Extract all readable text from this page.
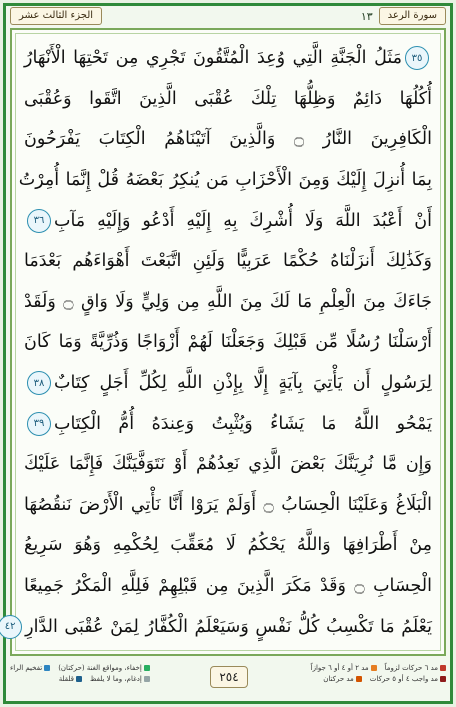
الجزء الثالث عشر	١٣	سورة الرعد
٣٥
مَثَلُ الْجَنَّةِ الَّتِي وُعِدَ الْمُتَّقُونَ تَجْرِي مِن تَحْتِهَا الْأَنْهَارُ
أُكُلُهَا دَائِمٌ وَظِلُّهَا تِلْكَ عُقْبَى الَّذِينَ اتَّقَوا وَعُقْبَى
الْكَافِرِينَ النَّارُ ۝ وَالَّذِينَ آتَيْنَاهُمُ الْكِتَابَ يَفْرَحُونَ
بِمَا أُنزِلَ إِلَيْكَ وَمِنَ الْأَحْزَابِ مَن يُنكِرُ بَعْضَهُ قُلْ إِنَّمَا أُمِرْتُ
أَنْ أَعْبُدَ اللَّهَ وَلَا أُشْرِكَ بِهِ إِلَيْهِ أَدْعُو وَإِلَيْهِ مَآبِ
٣٦
وَكَذَٰلِكَ أَنزَلْنَاهُ حُكْمًا عَرَبِيًّا وَلَئِنِ اتَّبَعْتَ أَهْوَاءَهُم بَعْدَمَا
جَاءَكَ مِنَ الْعِلْمِ مَا لَكَ مِنَ اللَّهِ مِن وَلِيٍّ وَلَا وَاقٍ ۝ وَلَقَدْ
أَرْسَلْنَا رُسُلًا مِّن قَبْلِكَ وَجَعَلْنَا لَهُمْ أَزْوَاجًا وَذُرِّيَّةً وَمَا كَانَ
لِرَسُولٍ أَن يَأْتِيَ بِآيَةٍ إِلَّا بِإِذْنِ اللَّهِ لِكُلِّ أَجَلٍ كِتَابٌ
٣٨
يَمْحُو اللَّهُ مَا يَشَاءُ وَيُثْبِتُ وَعِندَهُ أُمُّ الْكِتَابِ
٣٩
وَإِن مَّا نُرِيَنَّكَ بَعْضَ الَّذِي نَعِدُهُمْ أَوْ نَتَوَفَّيَنَّكَ فَإِنَّمَا عَلَيْكَ
الْبَلَاغُ وَعَلَيْنَا الْحِسَابُ ۝ أَوَلَمْ يَرَوْا أَنَّا نَأْتِي الْأَرْضَ نَنقُصُهَا
مِنْ أَطْرَافِهَا وَاللَّهُ يَحْكُمُ لَا مُعَقِّبَ لِحُكْمِهِ وَهُوَ سَرِيعُ
الْحِسَابِ ۝ وَقَدْ مَكَرَ الَّذِينَ مِن قَبْلِهِمْ فَلِلَّهِ الْمَكْرُ جَمِيعًا
يَعْلَمُ مَا تَكْسِبُ كُلُّ نَفْسٍ وَسَيَعْلَمُ الْكُفَّارُ لِمَنْ عُقْبَى الدَّارِ
٤٢
٢٥٤
مد ٦ حركات لزوماً
مد ٢ أو ٤ أو ٦ جوازاً
مد واجب ٤ أو ٥ حركات
مد حركتان
إخفاء، ومواقع الغنة (حركتان)
تفخيم الراء
إدغام، وما لا يلفظ
قلقلة
